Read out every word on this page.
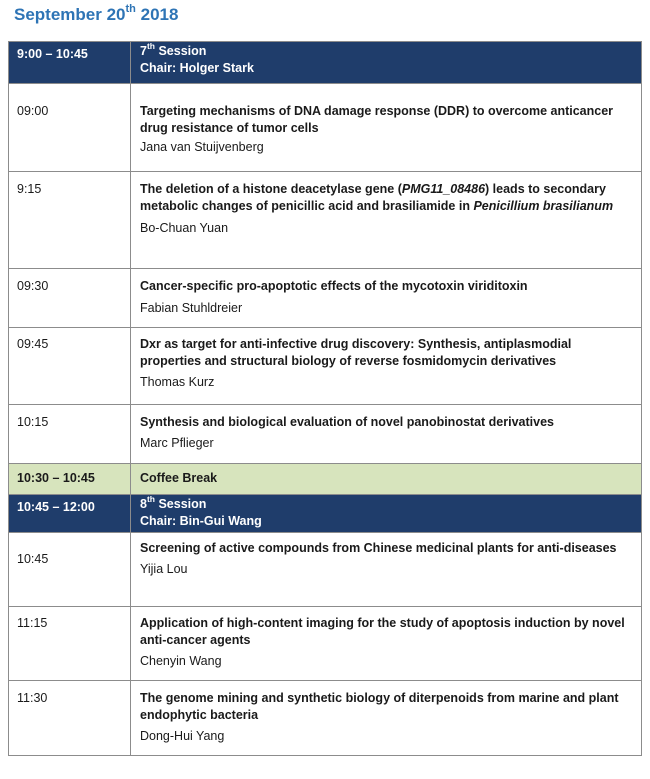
September 20th 2018
9:00 – 10:45	7th Session
Chair: Holger Stark

09:00	Targeting mechanisms of DNA damage response (DDR) to overcome anticancer drug resistance of tumor cells
Jana van Stuijvenberg

9:15	The deletion of a histone deacetylase gene (PMG11_08486) leads to secondary metabolic changes of penicillic acid and brasiliamide in Penicillium brasilianum
Bo-Chuan Yuan

09:30	Cancer-specific pro-apoptotic effects of the mycotoxin viriditoxin
Fabian Stuhldreier

09:45	Dxr as target for anti-infective drug discovery: Synthesis, antiplasmodial properties and structural biology of reverse fosmidomycin derivatives
Thomas Kurz

10:15	Synthesis and biological evaluation of novel panobinostat derivatives
Marc Pflieger

10:30 – 10:45	Coffee Break
10:45 – 12:00	8th Session
Chair: Bin-Gui Wang

10:45	Screening of active compounds from Chinese medicinal plants for anti-diseases
Yijia Lou

11:15	Application of high-content imaging for the study of apoptosis induction by novel anti-cancer agents
Chenyin Wang

11:30	The genome mining and synthetic biology of diterpenoids from marine and plant endophytic bacteria
Dong-Hui Yang
